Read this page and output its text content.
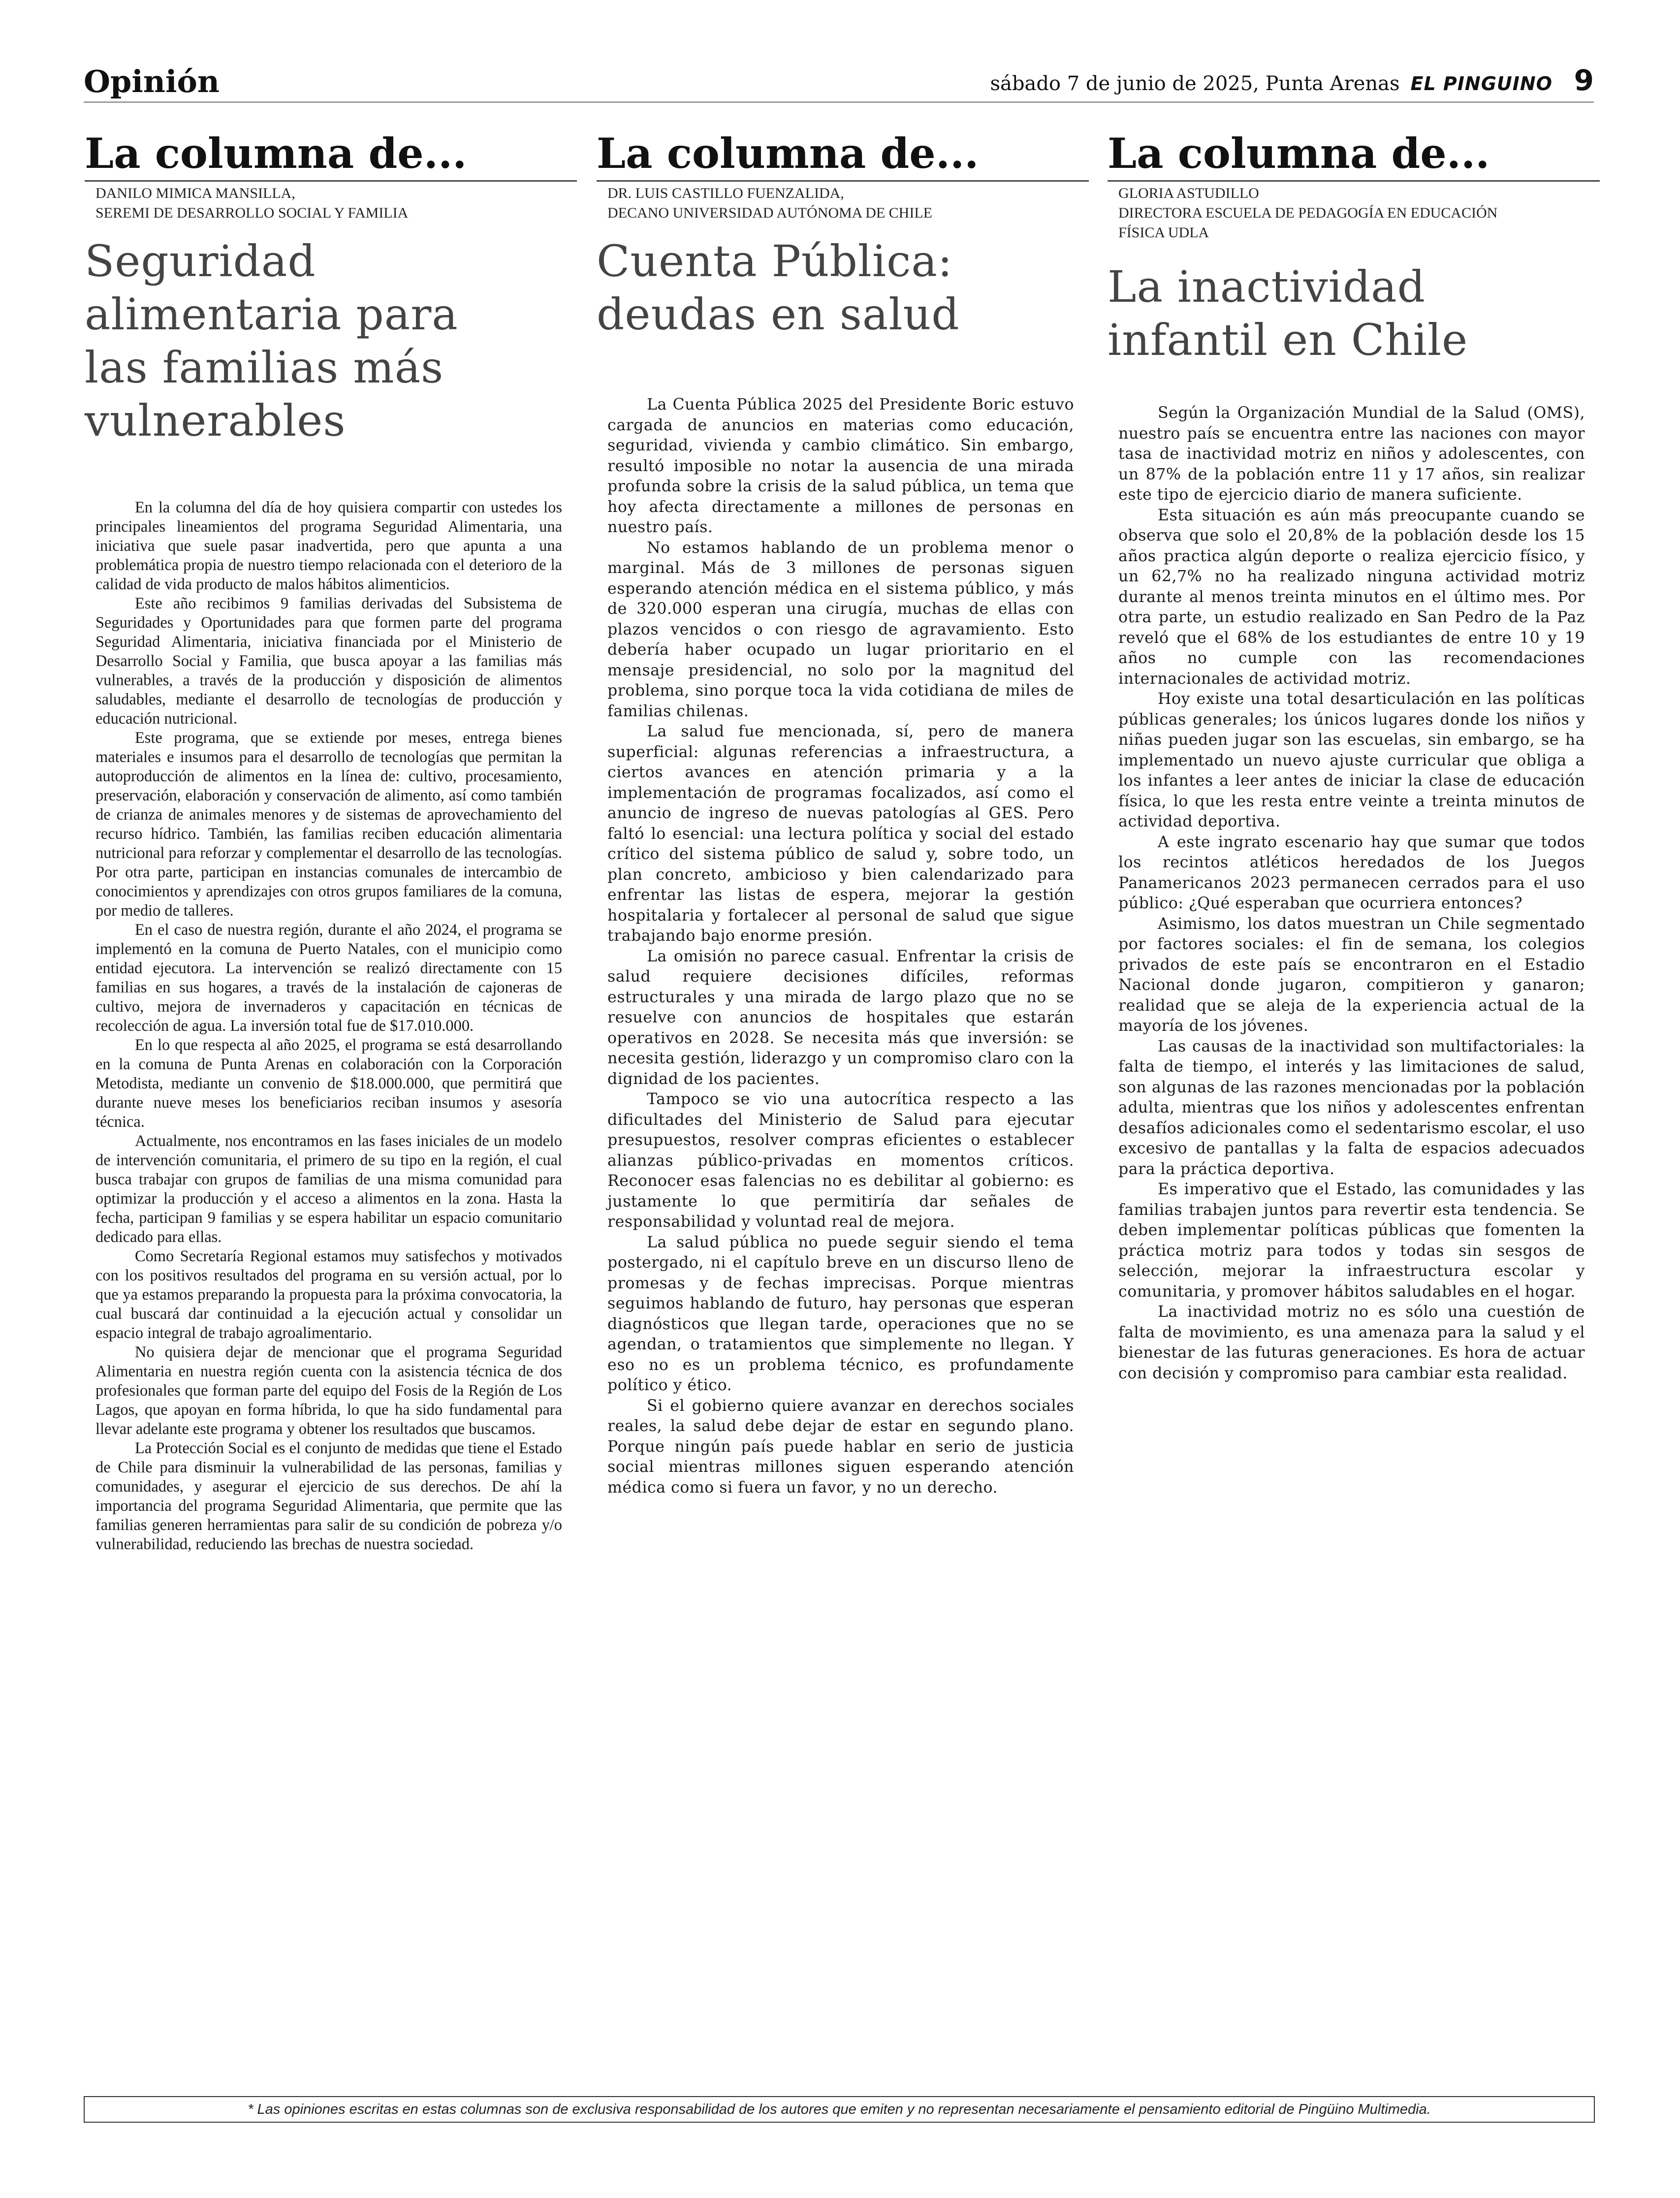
Opinión	sábado 7 de junio de 2025, Punta Arenas EL PINGUINO 9
La columna de...
DANILO MIMICA MANSILLA,
SEREMI DE DESARROLLO SOCIAL Y FAMILIA
Seguridad
alimentaria para
las familias más
vulnerables

En la columna del día de hoy quisiera compartir con ustedes los principales lineamientos del programa Seguridad Alimentaria, una iniciativa que suele pasar inadvertida, pero que apunta a una problemática propia de nuestro tiempo relacionada con el deterioro de la calidad de vida producto de malos hábitos alimenticios.

Este año recibimos 9 familias derivadas del Subsistema de Seguridades y Oportunidades para que formen parte del programa Seguridad Alimentaria, iniciativa financiada por el Ministerio de Desarrollo Social y Familia, que busca apoyar a las familias más vulnerables, a través de la producción y disposición de alimentos saludables, mediante el desarrollo de tecnologías de producción y educación nutricional.

Este programa, que se extiende por meses, entrega bienes materiales e insumos para el desarrollo de tecnologías que permitan la autoproducción de alimentos en la línea de: cultivo, procesamiento, preservación, elaboración y conservación de alimento, así como también de crianza de animales menores y de sistemas de aprovechamiento del recurso hídrico. También, las familias reciben educación alimentaria nutricional para reforzar y complementar el desarrollo de las tecnologías. Por otra parte, participan en instancias comunales de intercambio de conocimientos y aprendizajes con otros grupos familiares de la comuna, por medio de talleres.

En el caso de nuestra región, durante el año 2024, el programa se implementó en la comuna de Puerto Natales, con el municipio como entidad ejecutora. La intervención se realizó directamente con 15 familias en sus hogares, a través de la instalación de cajoneras de cultivo, mejora de invernaderos y capacitación en técnicas de recolección de agua. La inversión total fue de $17.010.000.

En lo que respecta al año 2025, el programa se está desarrollando en la comuna de Punta Arenas en colaboración con la Corporación Metodista, mediante un convenio de $18.000.000, que permitirá que durante nueve meses los beneficiarios reciban insumos y asesoría técnica.

Actualmente, nos encontramos en las fases iniciales de un modelo de intervención comunitaria, el primero de su tipo en la región, el cual busca trabajar con grupos de familias de una misma comunidad para optimizar la producción y el acceso a alimentos en la zona. Hasta la fecha, participan 9 familias y se espera habilitar un espacio comunitario dedicado para ellas.

Como Secretaría Regional estamos muy satisfechos y motivados con los positivos resultados del programa en su versión actual, por lo que ya estamos preparando la propuesta para la próxima convocatoria, la cual buscará dar continuidad a la ejecución actual y consolidar un espacio integral de trabajo agroalimentario.

No quisiera dejar de mencionar que el programa Seguridad Alimentaria en nuestra región cuenta con la asistencia técnica de dos profesionales que forman parte del equipo del Fosis de la Región de Los Lagos, que apoyan en forma híbrida, lo que ha sido fundamental para llevar adelante este programa y obtener los resultados que buscamos.

La Protección Social es el conjunto de medidas que tiene el Estado de Chile para disminuir la vulnerabilidad de las personas, familias y comunidades, y asegurar el ejercicio de sus derechos. De ahí la importancia del programa Seguridad Alimentaria, que permite que las familias generen herramientas para salir de su condición de pobreza y/o vulnerabilidad, reduciendo las brechas de nuestra sociedad.

La columna de...
DR. LUIS CASTILLO FUENZALIDA,
DECANO UNIVERSIDAD AUTÓNOMA DE CHILE
Cuenta Pública:
deudas en salud

La Cuenta Pública 2025 del Presidente Boric estuvo cargada de anuncios en materias como educación, seguridad, vivienda y cambio climático. Sin embargo, resultó imposible no notar la ausencia de una mirada profunda sobre la crisis de la salud pública, un tema que hoy afecta directamente a millones de personas en nuestro país.

No estamos hablando de un problema menor o marginal. Más de 3 millones de personas siguen esperando atención médica en el sistema público, y más de 320.000 esperan una cirugía, muchas de ellas con plazos vencidos o con riesgo de agravamiento. Esto debería haber ocupado un lugar prioritario en el mensaje presidencial, no solo por la magnitud del problema, sino porque toca la vida cotidiana de miles de familias chilenas.

La salud fue mencionada, sí, pero de manera superficial: algunas referencias a infraestructura, a ciertos avances en atención primaria y a la implementación de programas focalizados, así como el anuncio de ingreso de nuevas patologías al GES. Pero faltó lo esencial: una lectura política y social del estado crítico del sistema público de salud y, sobre todo, un plan concreto, ambicioso y bien calendarizado para enfrentar las listas de espera, mejorar la gestión hospitalaria y fortalecer al personal de salud que sigue trabajando bajo enorme presión.

La omisión no parece casual. Enfrentar la crisis de salud requiere decisiones difíciles, reformas estructurales y una mirada de largo plazo que no se resuelve con anuncios de hospitales que estarán operativos en 2028. Se necesita más que inversión: se necesita gestión, liderazgo y un compromiso claro con la dignidad de los pacientes.

Tampoco se vio una autocrítica respecto a las dificultades del Ministerio de Salud para ejecutar presupuestos, resolver compras eficientes o establecer alianzas público-privadas en momentos críticos. Reconocer esas falencias no es debilitar al gobierno: es justamente lo que permitiría dar señales de responsabilidad y voluntad real de mejora.

La salud pública no puede seguir siendo el tema postergado, ni el capítulo breve en un discurso lleno de promesas y de fechas imprecisas. Porque mientras seguimos hablando de futuro, hay personas que esperan diagnósticos que llegan tarde, operaciones que no se agendan, o tratamientos que simplemente no llegan. Y eso no es un problema técnico, es profundamente político y ético.

Si el gobierno quiere avanzar en derechos sociales reales, la salud debe dejar de estar en segundo plano. Porque ningún país puede hablar en serio de justicia social mientras millones siguen esperando atención médica como si fuera un favor, y no un derecho.

La columna de...
GLORIA ASTUDILLO
DIRECTORA ESCUELA DE PEDAGOGÍA EN EDUCACIÓN
FÍSICA UDLA
La inactividad
infantil en Chile

Según la Organización Mundial de la Salud (OMS), nuestro país se encuentra entre las naciones con mayor tasa de inactividad motriz en niños y adolescentes, con un 87% de la población entre 11 y 17 años, sin realizar este tipo de ejercicio diario de manera suficiente.

Esta situación es aún más preocupante cuando se observa que solo el 20,8% de la población desde los 15 años practica algún deporte o realiza ejercicio físico, y un 62,7% no ha realizado ninguna actividad motriz durante al menos treinta minutos en el último mes. Por otra parte, un estudio realizado en San Pedro de la Paz reveló que el 68% de los estudiantes de entre 10 y 19 años no cumple con las recomendaciones internacionales de actividad motriz.

Hoy existe una total desarticulación en las políticas públicas generales; los únicos lugares donde los niños y niñas pueden jugar son las escuelas, sin embargo, se ha implementado un nuevo ajuste curricular que obliga a los infantes a leer antes de iniciar la clase de educación física, lo que les resta entre veinte a treinta minutos de actividad deportiva.

A este ingrato escenario hay que sumar que todos los recintos atléticos heredados de los Juegos Panamericanos 2023 permanecen cerrados para el uso público: ¿Qué esperaban que ocurriera entonces?

Asimismo, los datos muestran un Chile segmentado por factores sociales: el fin de semana, los colegios privados de este país se encontraron en el Estadio Nacional donde jugaron, compitieron y ganaron; realidad que se aleja de la experiencia actual de la mayoría de los jóvenes.

Las causas de la inactividad son multifactoriales: la falta de tiempo, el interés y las limitaciones de salud, son algunas de las razones mencionadas por la población adulta, mientras que los niños y adolescentes enfrentan desafíos adicionales como el sedentarismo escolar, el uso excesivo de pantallas y la falta de espacios adecuados para la práctica deportiva.

Es imperativo que el Estado, las comunidades y las familias trabajen juntos para revertir esta tendencia. Se deben implementar políticas públicas que fomenten la práctica motriz para todos y todas sin sesgos de selección, mejorar la infraestructura escolar y comunitaria, y promover hábitos saludables en el hogar.

La inactividad motriz no es sólo una cuestión de falta de movimiento, es una amenaza para la salud y el bienestar de las futuras generaciones. Es hora de actuar con decisión y compromiso para cambiar esta realidad.

* Las opiniones escritas en estas columnas son de exclusiva responsabilidad de los autores que emiten y no representan necesariamente el pensamiento editorial de Pingüino Multimedia.
